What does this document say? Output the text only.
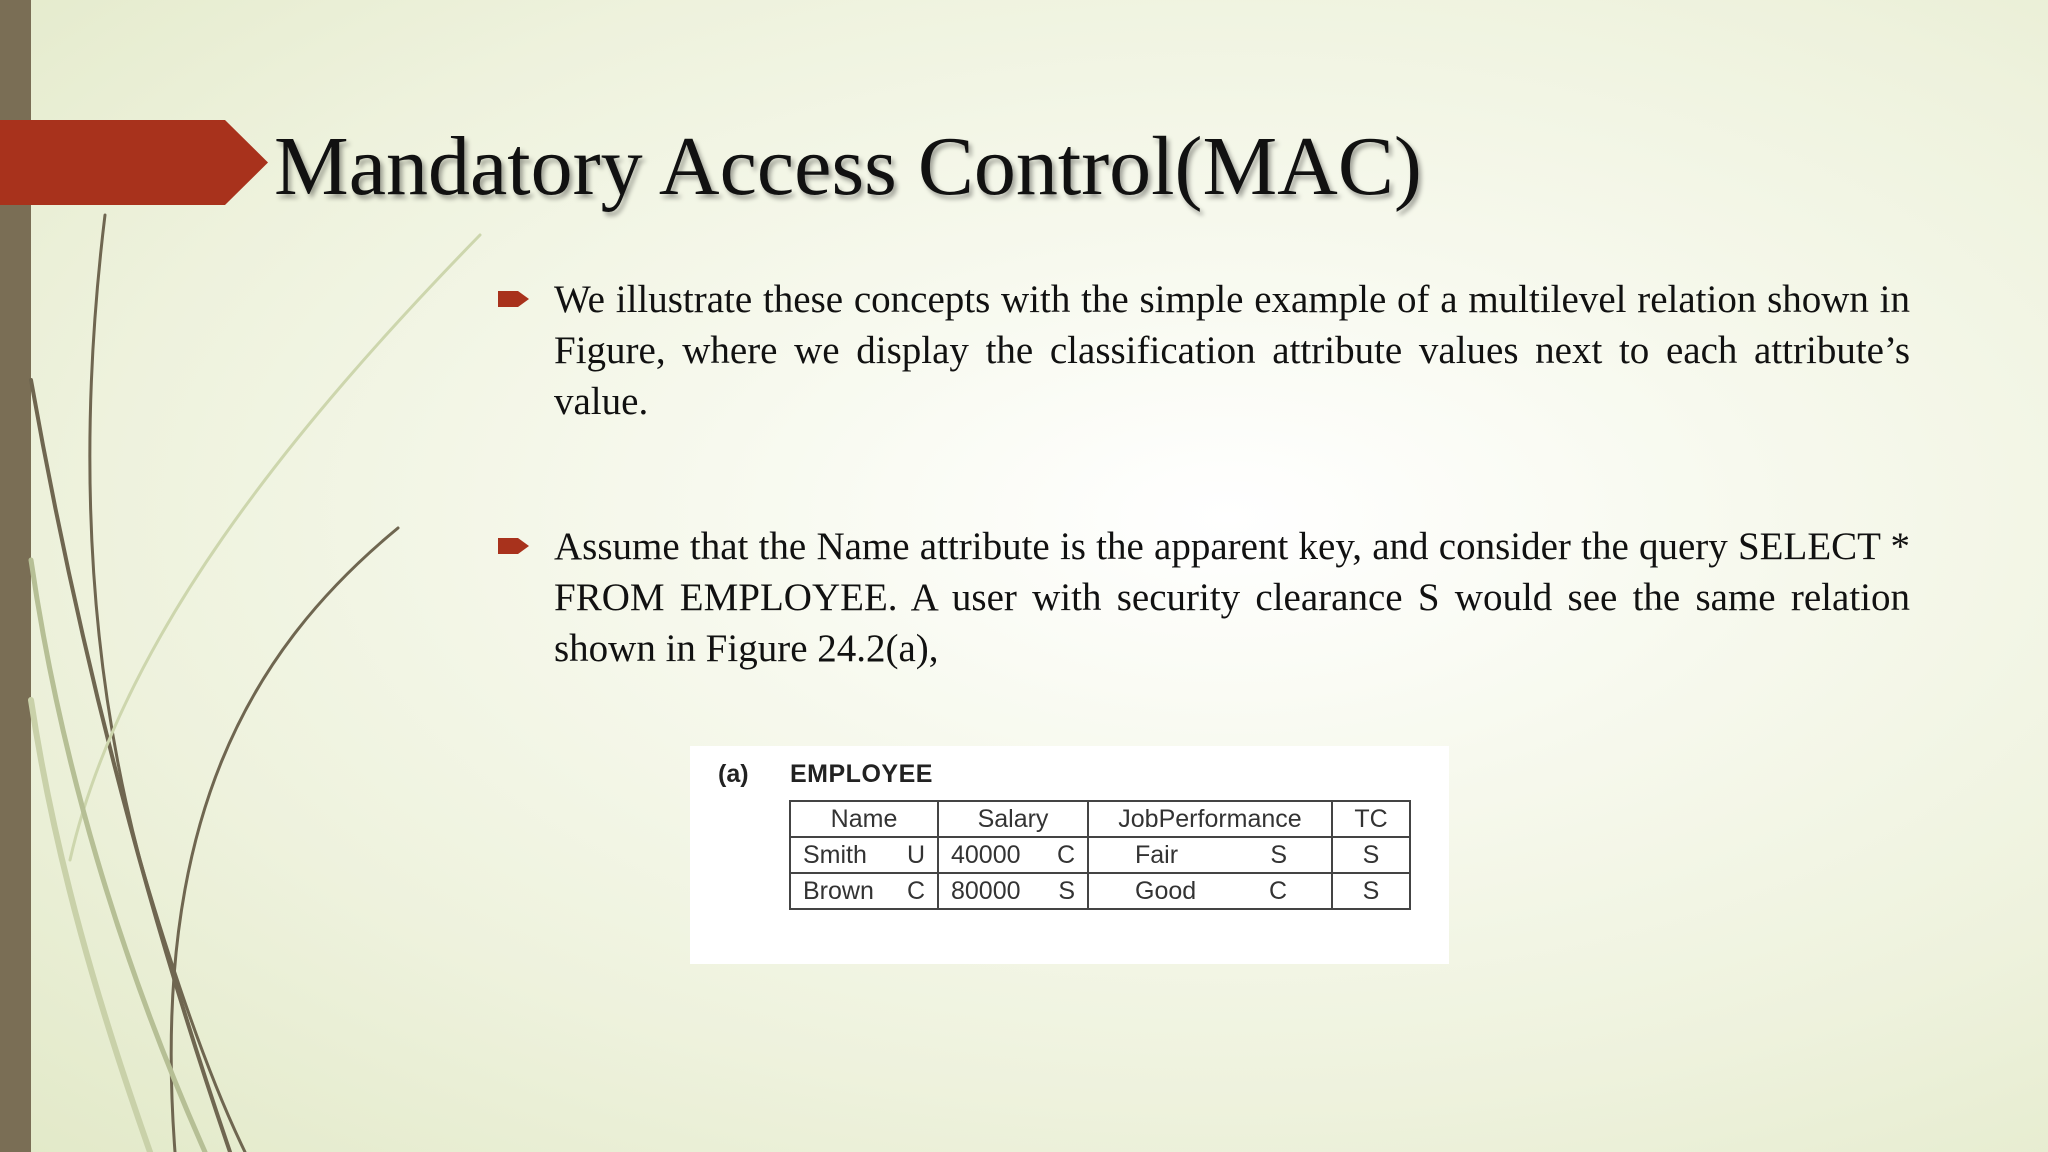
Mandatory Access Control(MAC)
We illustrate these concepts with the simple example of a multilevel relation shown in Figure, where we display the classification attribute values next to each attribute’s value.
Assume that the Name attribute is the apparent key, and consider the query SELECT * FROM EMPLOYEE. A user with security clearance S would see the same relation shown in Figure 24.2(a),
(a) EMPLOYEE
Name	Salary	JobPerformance	TC
Smith U	40000 C	Fair S	S
Brown C	80000 S	Good C	S
